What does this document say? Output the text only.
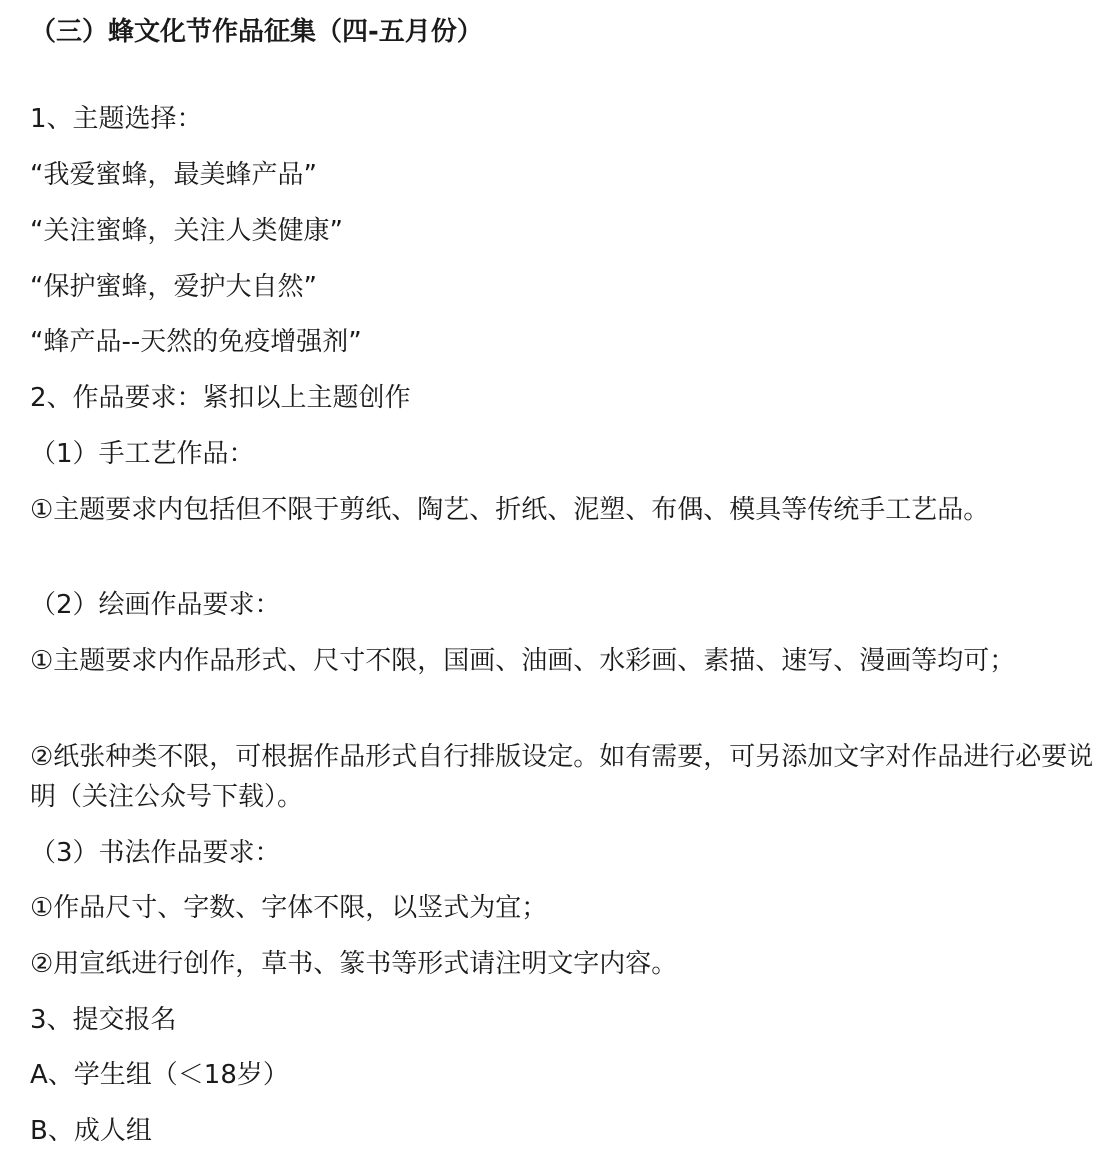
（三）蜂文化节作品征集（四-五月份）
1、主题选择：
“我爱蜜蜂，最美蜂产品”
“关注蜜蜂，关注人类健康”
“保护蜜蜂，爱护大自然”
“蜂产品--天然的免疫增强剂”
2、作品要求：紧扣以上主题创作
（1）手工艺作品：
①主题要求内包括但不限于剪纸、陶艺、折纸、泥塑、布偶、模具等传统手工艺品。
（2）绘画作品要求：
①主题要求内作品形式、尺寸不限，国画、油画、水彩画、素描、速写、漫画等均可；
②纸张种类不限，可根据作品形式自行排版设定。如有需要，可另添加文字对作品进行必要说明（关注公众号下载）。
（3）书法作品要求：
①作品尺寸、字数、字体不限，以竖式为宜；
②用宣纸进行创作，草书、篆书等形式请注明文字内容。
3、提交报名
A、学生组（＜18岁）
B、成人组
